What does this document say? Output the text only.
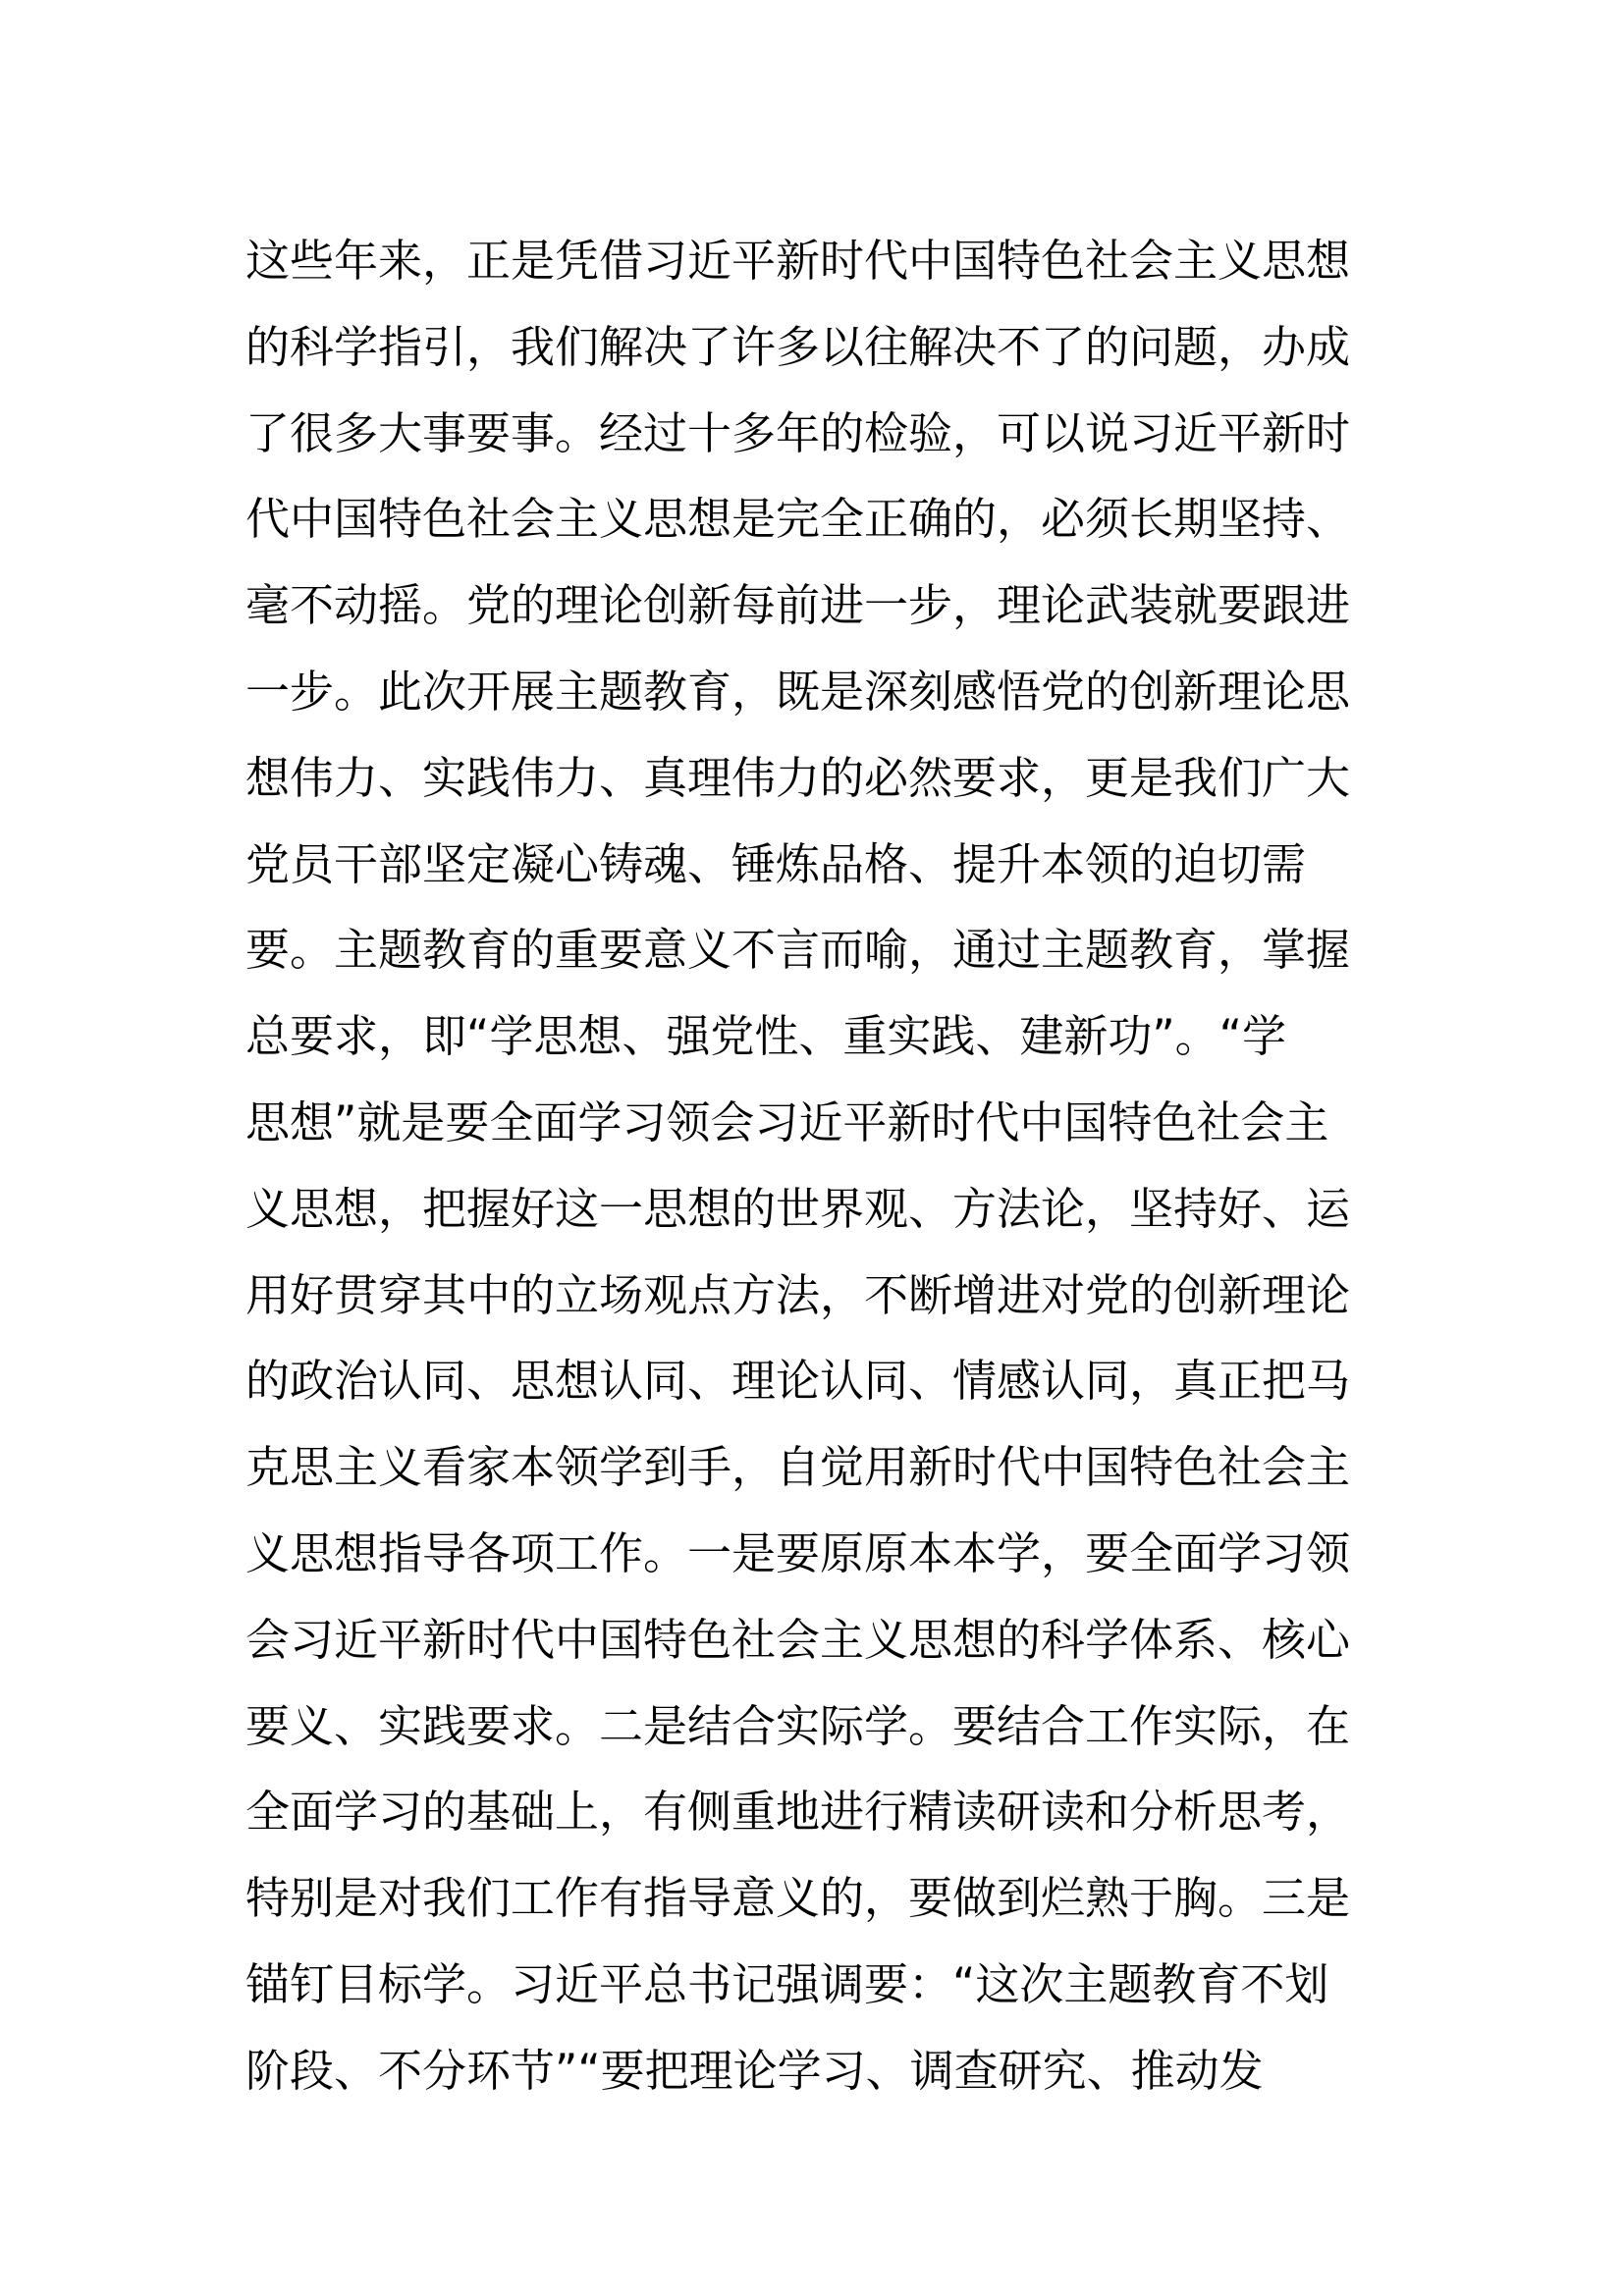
这些年来，正是凭借习近平新时代中国特色社会主义思想
的科学指引，我们解决了许多以往解决不了的问题，办成
了很多大事要事。经过十多年的检验，可以说习近平新时
代中国特色社会主义思想是完全正确的，必须长期坚持、
毫不动摇。党的理论创新每前进一步，理论武装就要跟进
一步。此次开展主题教育，既是深刻感悟党的创新理论思
想伟力、实践伟力、真理伟力的必然要求，更是我们广大
党员干部坚定凝心铸魂、锤炼品格、提升本领的迫切需
要。主题教育的重要意义不言而喻，通过主题教育，掌握
总要求，即“学思想、强党性、重实践、建新功”。“学
思想”就是要全面学习领会习近平新时代中国特色社会主
义思想，把握好这一思想的世界观、方法论，坚持好、运
用好贯穿其中的立场观点方法，不断增进对党的创新理论
的政治认同、思想认同、理论认同、情感认同，真正把马
克思主义看家本领学到手，自觉用新时代中国特色社会主
义思想指导各项工作。一是要原原本本学，要全面学习领
会习近平新时代中国特色社会主义思想的科学体系、核心
要义、实践要求。二是结合实际学。要结合工作实际，在
全面学习的基础上，有侧重地进行精读研读和分析思考，
特别是对我们工作有指导意义的，要做到烂熟于胸。三是
锚钉目标学。习近平总书记强调要：“这次主题教育不划
阶段、不分环节”“要把理论学习、调查研究、推动发
